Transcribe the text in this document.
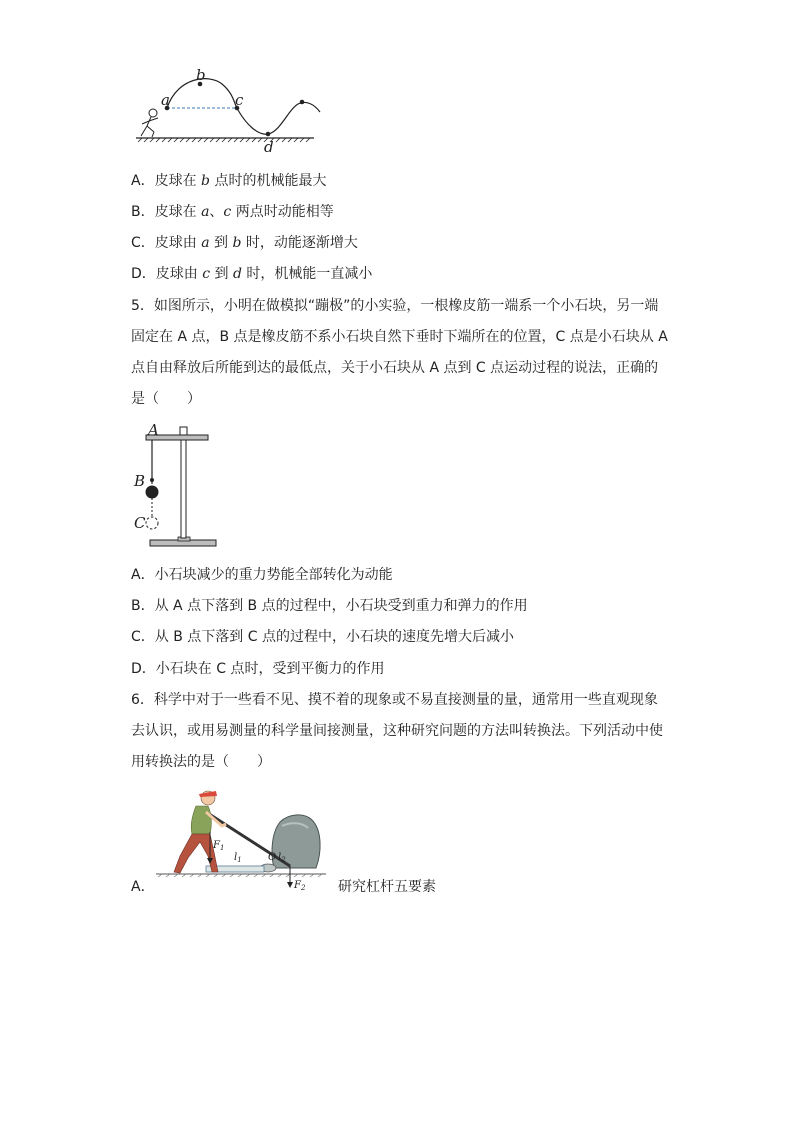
a
b
c
d
A．皮球在 b 点时的机械能最大
B．皮球在 a、c 两点时动能相等
C．皮球由 a 到 b 时，动能逐渐增大
D．皮球由 c 到 d 时，机械能一直减小
5．如图所示，小明在做模拟“蹦极”的小实验，一根橡皮筋一端系一个小石块，另一端
固定在 A 点，B 点是橡皮筋不系小石块自然下垂时下端所在的位置，C 点是小石块从 A
点自由释放后所能到达的最低点，关于小石块从 A 点到 C 点运动过程的说法，正确的
是（　　）
A
B
C
A．小石块减少的重力势能全部转化为动能
B．从 A 点下落到 B 点的过程中，小石块受到重力和弹力的作用
C．从 B 点下落到 C 点的过程中，小石块的速度先增大后减小
D．小石块在 C 点时，受到平衡力的作用
6．科学中对于一些看不见、摸不着的现象或不易直接测量的量，通常用一些直观现象
去认识，或用易测量的科学量间接测量，这种研究问题的方法叫转换法。下列活动中使
用转换法的是（　　）
A．
$F_1$
$l_1$	O $l_2$
$F_2$ 研究杠杆五要素
